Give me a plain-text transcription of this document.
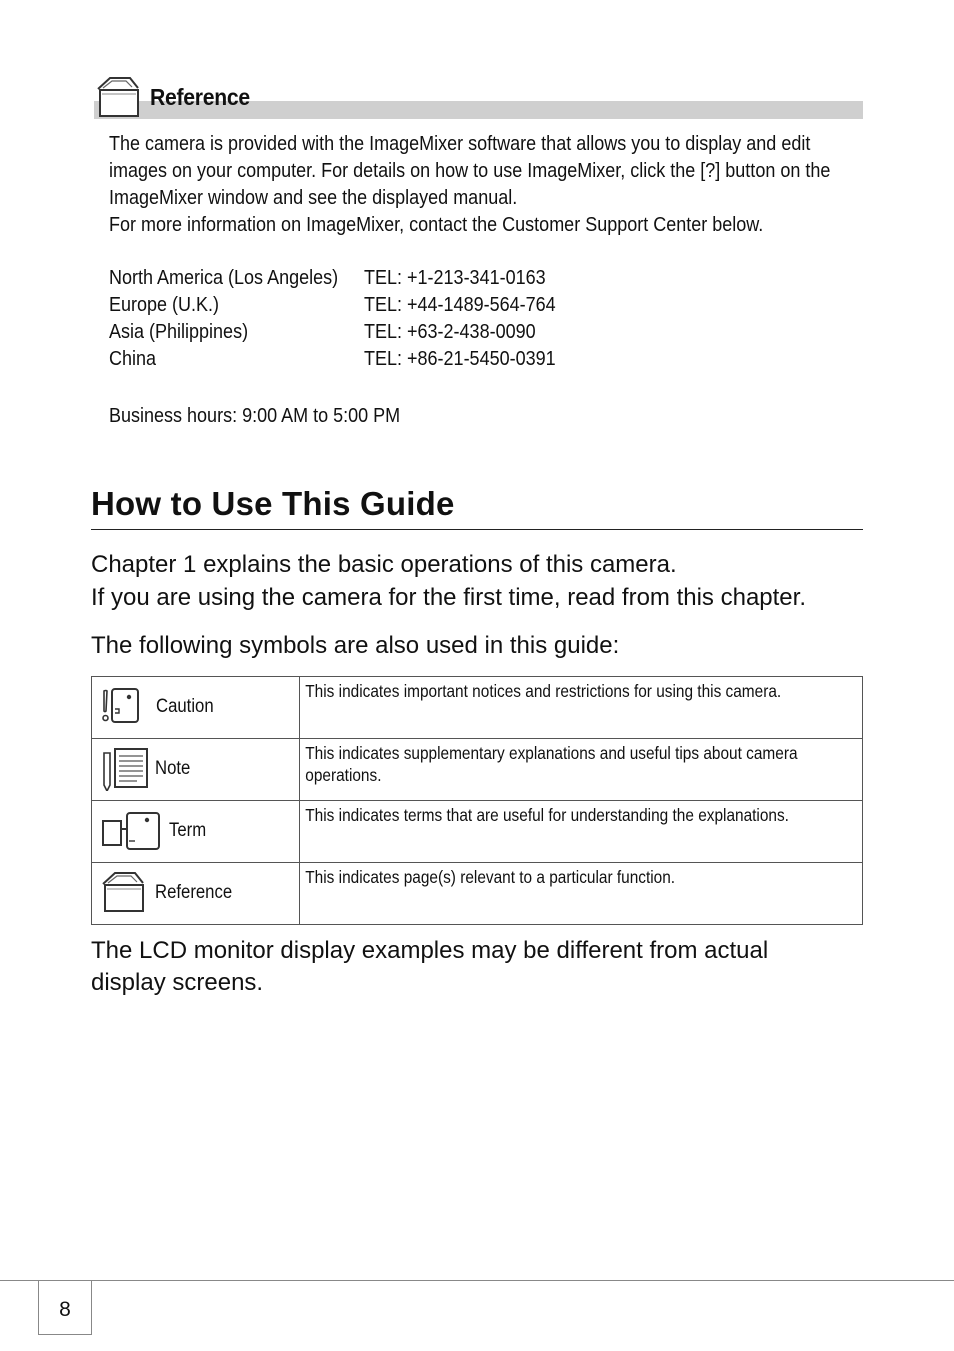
Reference
The camera is provided with the ImageMixer software that allows you to display and edit
images on your computer. For details on how to use ImageMixer, click the [?] button on the
ImageMixer window and see the displayed manual.
For more information on ImageMixer, contact the Customer Support Center below.
North America (Los Angeles) TEL: +1-213-341-0163
Europe (U.K.)	TEL: +44-1489-564-764
Asia (Philippines)	TEL: +63-2-438-0090
China	TEL: +86-21-5450-0391
Business hours: 9:00 AM to 5:00 PM
How to Use This Guide
Chapter 1 explains the basic operations of this camera.
If you are using the camera for the first time, read from this chapter.
The following symbols are also used in this guide:
Caution	This indicates important notices and restrictions for using this camera.

Note	This indicates supplementary explanations and useful tips about camera operations.

Term	This indicates terms that are useful for understanding the explanations.

Reference	This indicates page(s) relevant to a particular function.
The LCD monitor display examples may be different from actual
display screens.
8
